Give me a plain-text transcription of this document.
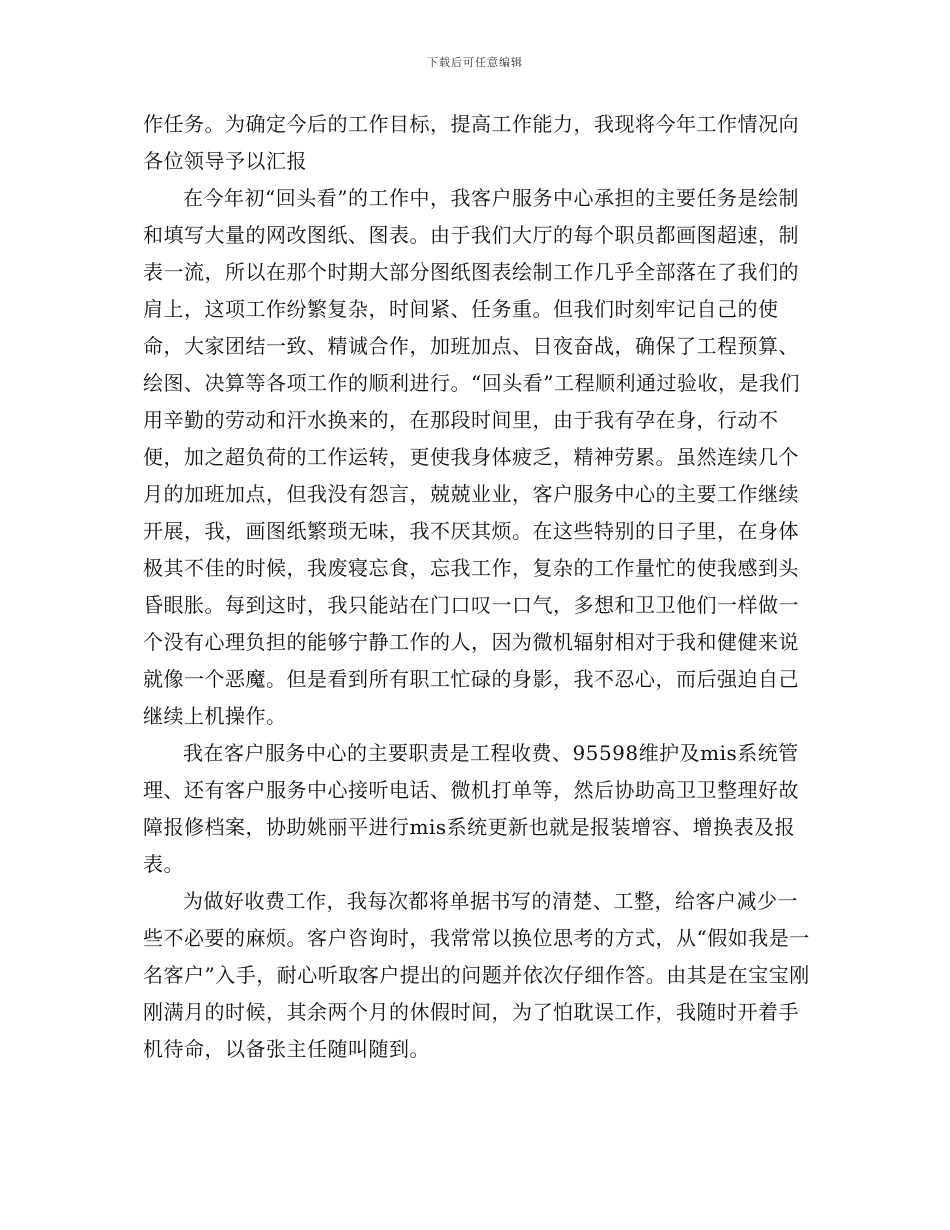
下载后可任意编辑

作任务。为确定今后的工作目标，提高工作能力，我现将今年工作情况向各位领导予以汇报

在今年初“回头看”的工作中，我客户服务中心承担的主要任务是绘制和填写大量的网改图纸、图表。由于我们大厅的每个职员都画图超速，制表一流，所以在那个时期大部分图纸图表绘制工作几乎全部落在了我们的肩上，这项工作纷繁复杂，时间紧、任务重。但我们时刻牢记自己的使命，大家团结一致、精诚合作，加班加点、日夜奋战，确保了工程预算、绘图、决算等各项工作的顺利进行。“回头看”工程顺利通过验收，是我们用辛勤的劳动和汗水换来的，在那段时间里，由于我有孕在身，行动不便，加之超负荷的工作运转，更使我身体疲乏，精神劳累。虽然连续几个月的加班加点，但我没有怨言，兢兢业业，客户服务中心的主要工作继续开展，我，画图纸繁琐无味，我不厌其烦。在这些特别的日子里，在身体极其不佳的时候，我废寝忘食，忘我工作，复杂的工作量忙的使我感到头昏眼胀。每到这时，我只能站在门口叹一口气，多想和卫卫他们一样做一个没有心理负担的能够宁静工作的人，因为微机辐射相对于我和健健来说就像一个恶魔。但是看到所有职工忙碌的身影，我不忍心，而后强迫自己继续上机操作。

我在客户服务中心的主要职责是工程收费、95598维护及mis系统管理、还有客户服务中心接听电话、微机打单等，然后协助高卫卫整理好故障报修档案，协助姚丽平进行mis系统更新也就是报装增容、增换表及报表。

为做好收费工作，我每次都将单据书写的清楚、工整，给客户减少一些不必要的麻烦。客户咨询时，我常常以换位思考的方式，从“假如我是一名客户”入手，耐心听取客户提出的问题并依次仔细作答。由其是在宝宝刚刚满月的时候，其余两个月的休假时间，为了怕耽误工作，我随时开着手机待命，以备张主任随叫随到。
